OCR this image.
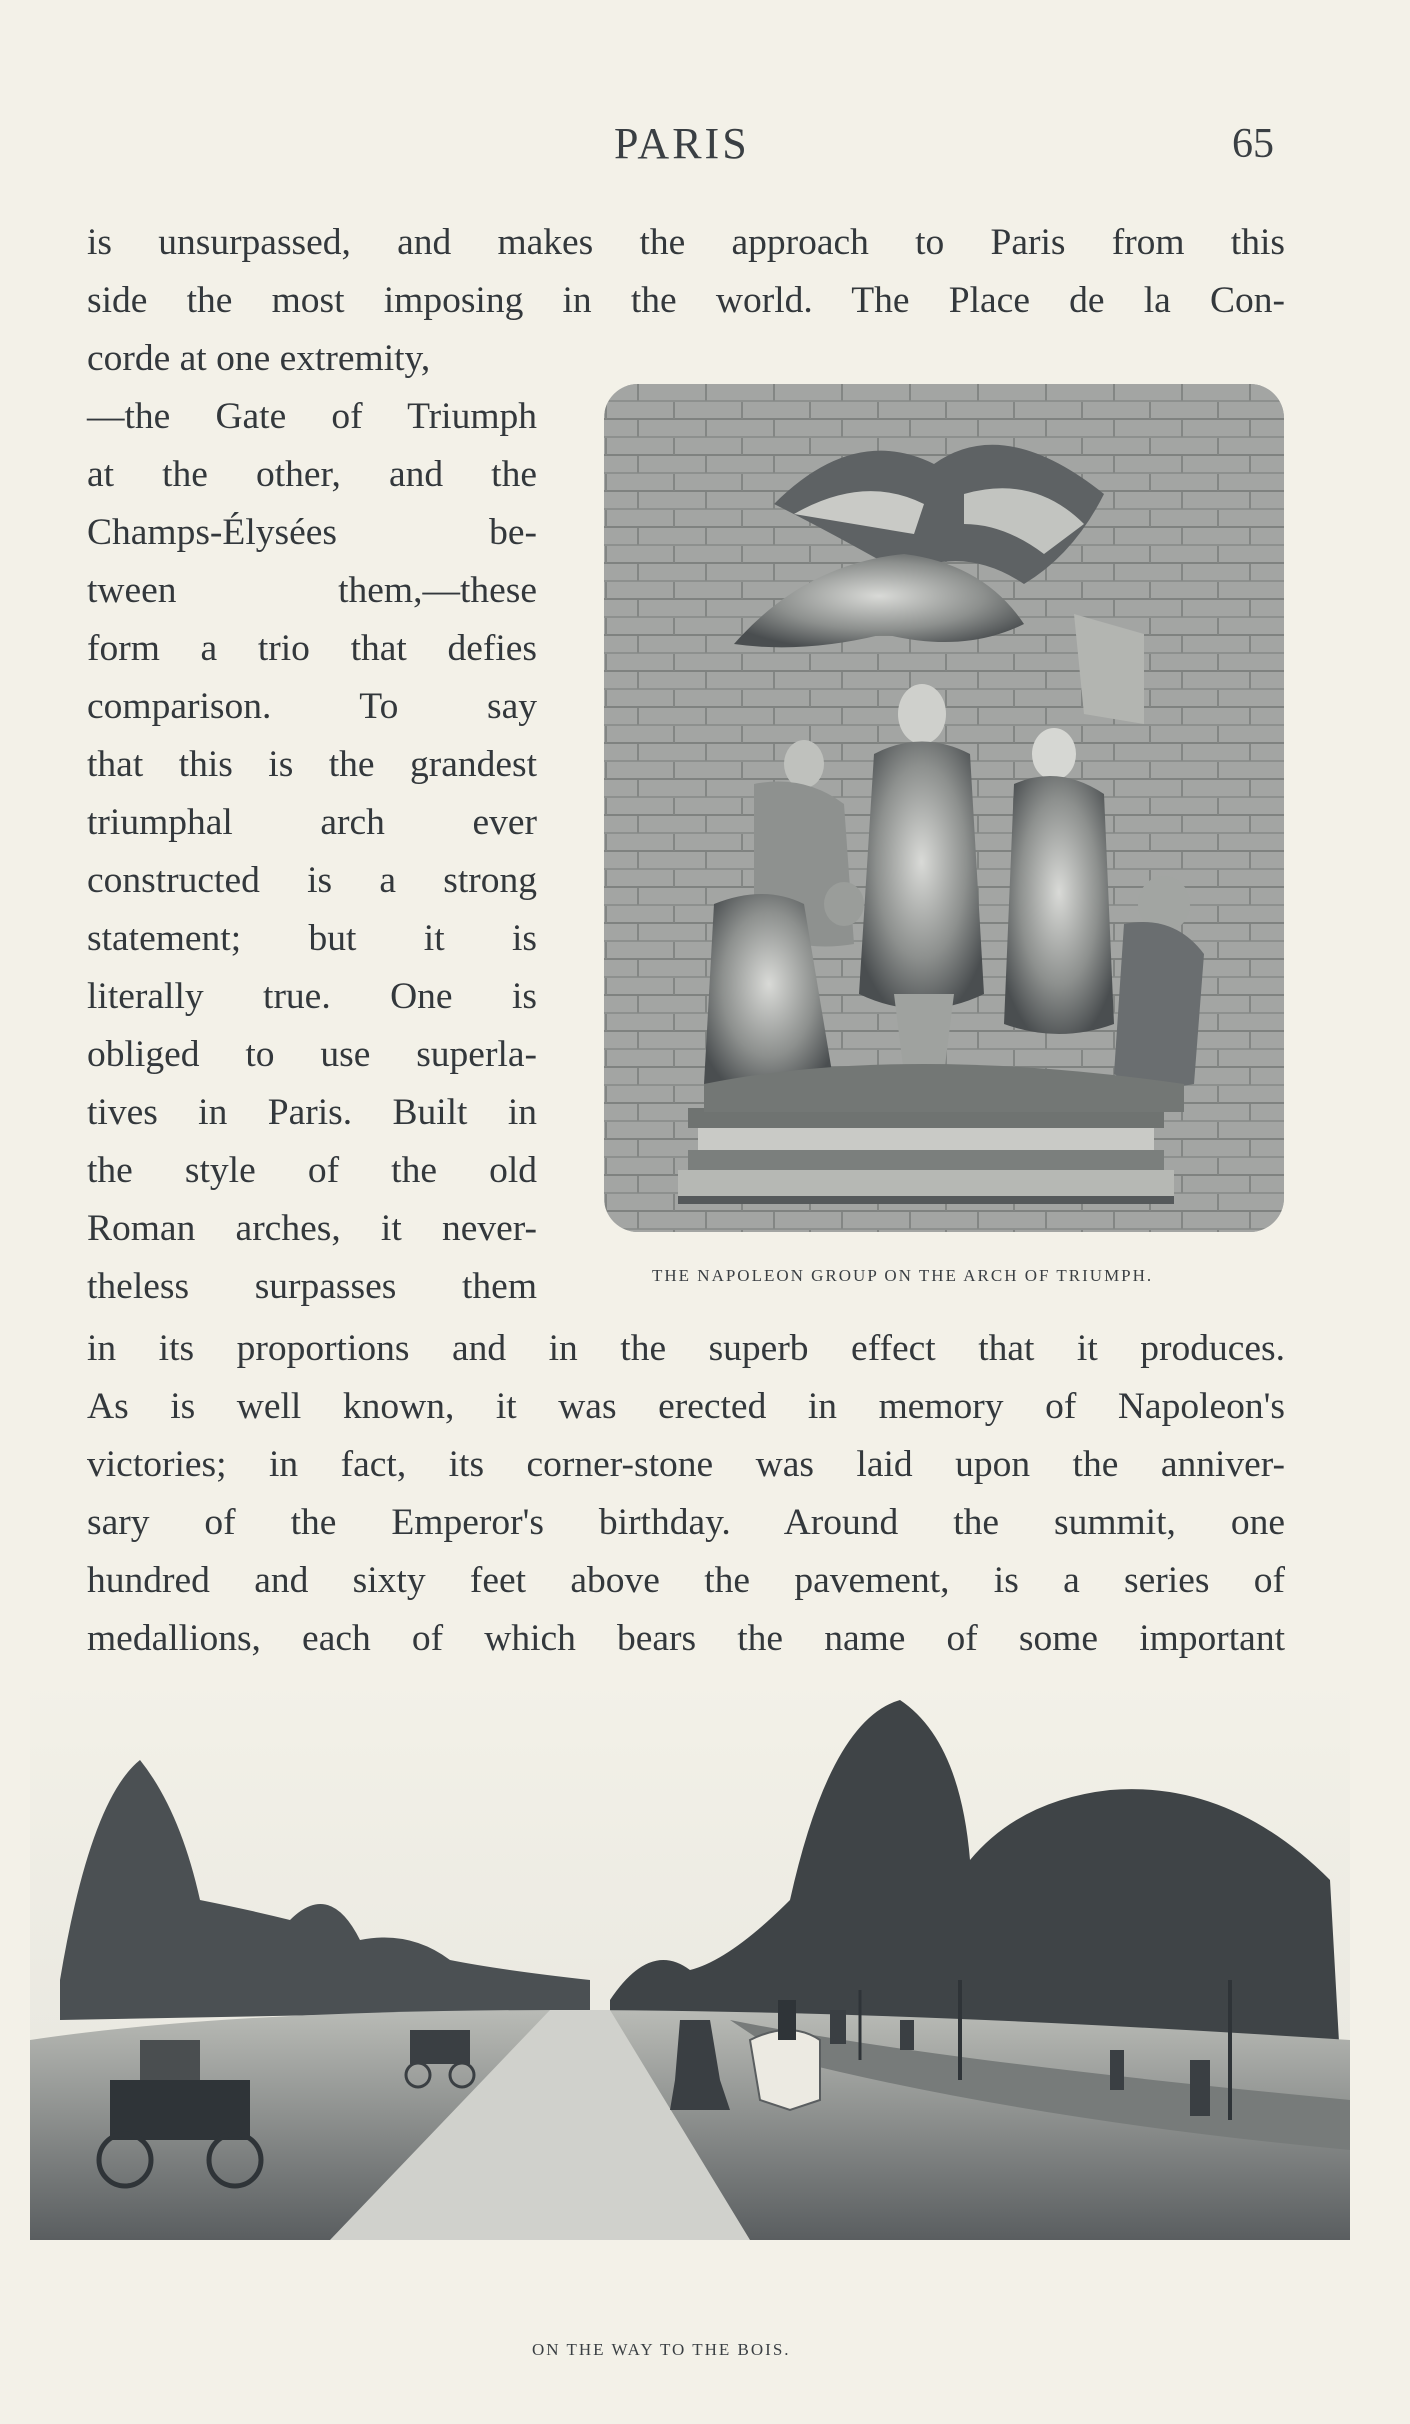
PARIS	65
is unsurpassed, and makes the approach to Paris from this
side the most imposing in the world. The Place de la Con-
corde at one extremity,
—the Gate of Triumph
at the other, and the
Champs-Élysées be-
tween them,—these
form a trio that defies
comparison. To say
that this is the grandest
triumphal arch ever
constructed is a strong
statement; but it is
literally true. One is
obliged to use superla-
tives in Paris. Built in
the style of the old
Roman arches, it never-
theless surpasses them
in its proportions and in the superb effect that it produces.
As is well known, it was erected in memory of Napoleon's
victories; in fact, its corner-stone was laid upon the anniver-
sary of the Emperor's birthday. Around the summit, one
hundred and sixty feet above the pavement, is a series of
medallions, each of which bears the name of some important
THE NAPOLEON GROUP ON THE ARCH OF TRIUMPH.
ON THE WAY TO THE BOIS.
